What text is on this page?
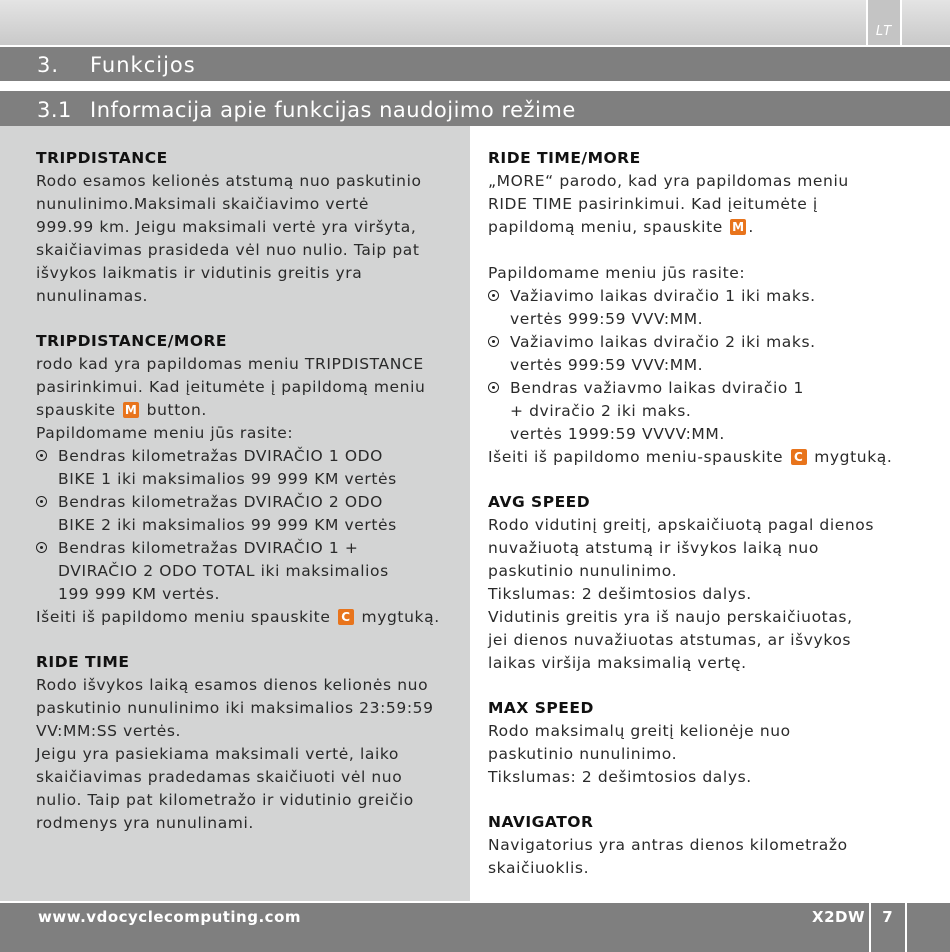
LT
3. Funkcijos
3.1 Informacija apie funkcijas naudojimo režime
TRIPDISTANCE
Rodo esamos kelionės atstumą nuo paskutinio
nunulinimo.Maksimali skaičiavimo vertė
999.99 km. Jeigu maksimali vertė yra viršyta,
skaičiavimas prasideda vėl nuo nulio. Taip pat
išvykos laikmatis ir vidutinis greitis yra
nunulinamas.
TRIPDISTANCE/MORE
rodo kad yra papildomas meniu TRIPDISTANCE
pasirinkimui. Kad įeitumėte į papildomą meniu
spauskite M button.
Papildomame meniu jūs rasite:
Bendras kilometražas DVIRAČIO 1 ODO
BIKE 1 iki maksimalios 99 999 KM vertės
Bendras kilometražas DVIRAČIO 2 ODO
BIKE 2 iki maksimalios 99 999 KM vertės
Bendras kilometražas DVIRAČIO 1 +
DVIRAČIO 2 ODO TOTAL iki maksimalios
199 999 KM vertės.
Išeiti iš papildomo meniu spauskite C mygtuką.
RIDE TIME
Rodo išvykos laiką esamos dienos kelionės nuo
paskutinio nunulinimo iki maksimalios 23:59:59
VV:MM:SS vertės.
Jeigu yra pasiekiama maksimali vertė, laiko
skaičiavimas pradedamas skaičiuoti vėl nuo
nulio. Taip pat kilometražo ir vidutinio greičio
rodmenys yra nunulinami.
RIDE TIME/MORE
„MORE“ parodo, kad yra papildomas meniu
RIDE TIME pasirinkimui. Kad įeitumėte į
papildomą meniu, spauskite M .

Papildomame meniu jūs rasite:
Važiavimo laikas dviračio 1 iki maks.
vertės 999:59 VVV:MM.
Važiavimo laikas dviračio 2 iki maks.
vertės 999:59 VVV:MM.
Bendras važiavmo laikas dviračio 1
+ dviračio 2 iki maks.
vertės 1999:59 VVVV:MM.
Išeiti iš papildomo meniu-spauskite C mygtuką.
AVG SPEED
Rodo vidutinį greitį, apskaičiuotą pagal dienos
nuvažiuotą atstumą ir išvykos laiką nuo
paskutinio nunulinimo.
Tikslumas: 2 dešimtosios dalys.
Vidutinis greitis yra iš naujo perskaičiuotas,
jei dienos nuvažiuotas atstumas, ar išvykos
laikas viršija maksimalią vertę.
MAX SPEED
Rodo maksimalų greitį kelionėje nuo
paskutinio nunulinimo.
Tikslumas: 2 dešimtosios dalys.
NAVIGATOR
Navigatorius yra antras dienos kilometražo
skaičiuoklis.
www.vdocyclecomputing.com	X2DW	7
